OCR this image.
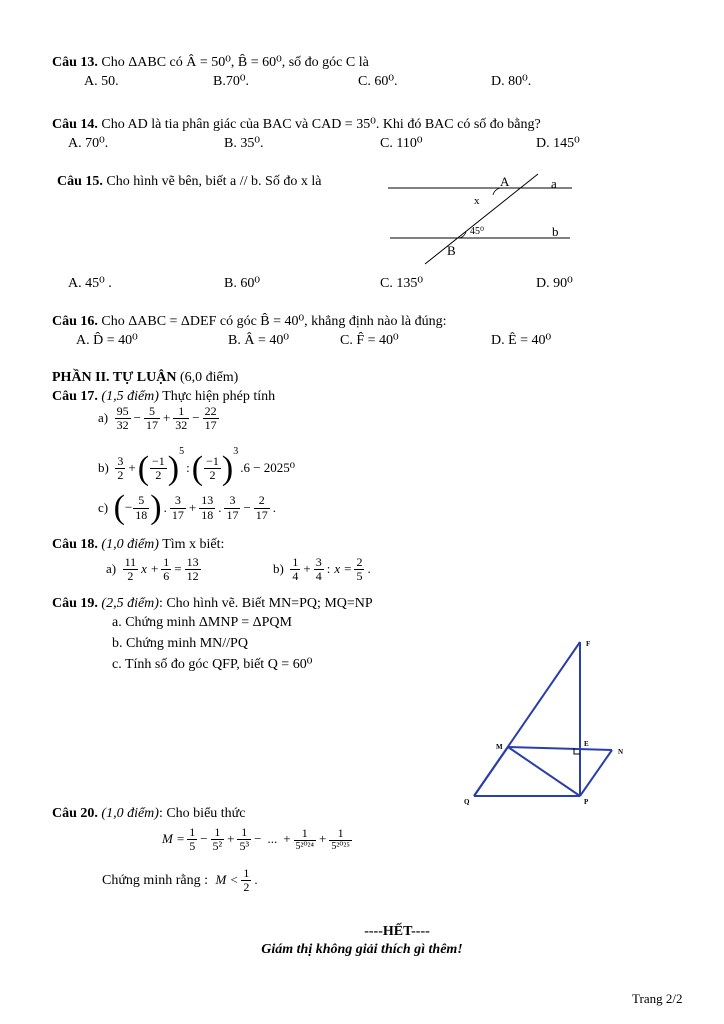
Câu 13. Cho ΔABC có Â = 50⁰, B̂ = 60⁰, số đo góc C là
A. 50.	B.70⁰.	C. 60⁰.	D. 80⁰.
Câu 14. Cho AD là tia phân giác của BAC và CAD = 35⁰. Khi đó BAC có số đo bằng?
A. 70⁰.	B. 35⁰.	C. 110⁰	D. 145⁰
Câu 15. Cho hình vẽ bên, biết a // b. Số đo x là	A	a
b
B
x
45⁰
A. 45⁰ .	B. 60⁰	C. 135⁰	D. 90⁰
Câu 16. Cho ΔABC = ΔDEF có góc B̂ = 40⁰, khẳng định nào là đúng:
A. D̂ = 40⁰	B. Â = 40⁰	C. F̂ = 40⁰	D. Ê = 40⁰
PHẦN II. TỰ LUẬN (6,0 điểm)
Câu 17. (1,5 điểm) Thực hiện phép tính
$a) \frac{95}{32} - \frac{5}{17} + \frac{1}{32} - \frac{22}{17}$
$b) \frac{3}{2}$ +( $\frac{-1}{2}$ )$^5$:( $\frac{-1}{2} )^3.6 - 2025^0$
c) (− $\frac{5}{18}$ ) . $\frac{3}{17} + \frac{13}{18}$ . $\frac{3}{17} - \frac{2}{17}$ .
Câu 18. (1,0 điểm) Tìm x biết:
$a) \frac{11}{2}$ $x + \frac{1}{6} = \frac{13}{12}$	$b) \frac{1}{4} + \frac{3}{4}$ : $x = \frac{2}{5}$ .
Câu 19. (2,5 điểm): Cho hình vẽ. Biết MN=PQ; MQ=NP
a. Chứng minh ΔMNP = ΔPQM
b. Chứng minh MN//PQ
c. Tính số đo góc QFP, biết Q = 60⁰
F
M	E
N
Q	P
Câu 20. (1,0 điểm): Cho biểu thức
$M = \frac{1}{5} - \frac{1}{\text{5²}} + \frac{1}{\text{5³}}$ − ... + $\frac{1}{\text{5²⁰²⁴}} + \frac{1}{\text{5²⁰²⁵}}$
Chứng minh rằng : $M < \frac{1}{2}$ .
----HẾT----
Giám thị không giải thích gì thêm!
Trang 2/2
